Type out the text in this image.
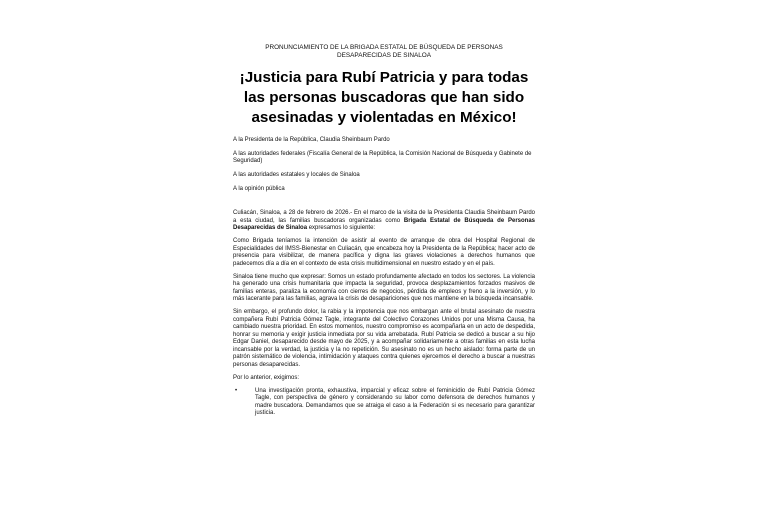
PRONUNCIAMIENTO DE LA BRIGADA ESTATAL DE BÚSQUEDA DE PERSONAS
DESAPARECIDAS DE SINALOA

¡Justicia para Rubí Patricia y para todas
las personas buscadoras que han sido
asesinadas y violentadas en México!

A la Presidenta de la República, Claudia Sheinbaum Pardo

A las autoridades federales (Fiscalía General de la República, la Comisión Nacional de Búsqueda y Gabinete de Seguridad)

A las autoridades estatales y locales de Sinaloa

A la opinión pública

Culiacán, Sinaloa, a 28 de febrero de 2026.- En el marco de la visita de la Presidenta Claudia Sheinbaum Pardo a esta ciudad, las familias buscadoras organizadas como Brigada Estatal de Búsqueda de Personas Desaparecidas de Sinaloa expresamos lo siguiente:

Como Brigada teníamos la intención de asistir al evento de arranque de obra del Hospital Regional de Especialidades del IMSS-Bienestar en Culiacán, que encabeza hoy la Presidenta de la República; hacer acto de presencia para visibilizar, de manera pacífica y digna las graves violaciones a derechos humanos que padecemos día a día en el contexto de esta crisis multidimensional en nuestro estado y en el país.

Sinaloa tiene mucho que expresar: Somos un estado profundamente afectado en todos los sectores. La violencia ha generado una crisis humanitaria que impacta la seguridad, provoca desplazamientos forzados masivos de familias enteras, paraliza la economía con cierres de negocios, pérdida de empleos y freno a la inversión, y lo más lacerante para las familias, agrava la crisis de desapariciones que nos mantiene en la búsqueda incansable.

Sin embargo, el profundo dolor, la rabia y la impotencia que nos embargan ante el brutal asesinato de nuestra compañera Rubí Patricia Gómez Tagle, integrante del Colectivo Corazones Unidos por una Misma Causa, ha cambiado nuestra prioridad. En estos momentos, nuestro compromiso es acompañarla en un acto de despedida, honrar su memoria y exigir justicia inmediata por su vida arrebatada. Rubí Patricia se dedicó a buscar a su hijo Edgar Daniel, desaparecido desde mayo de 2025, y a acompañar solidariamente a otras familias en esta lucha incansable por la verdad, la justicia y la no repetición. Su asesinato no es un hecho aislado: forma parte de un patrón sistemático de violencia, intimidación y ataques contra quienes ejercemos el derecho a buscar a nuestras personas desaparecidas.

Por lo anterior, exigimos:

•	Una investigación pronta, exhaustiva, imparcial y eficaz sobre el feminicidio de Rubí Patricia Gómez Tagle, con perspectiva de género y considerando su labor como defensora de derechos humanos y madre buscadora. Demandamos que se atraiga el caso a la Federación si es necesario para garantizar justicia.
